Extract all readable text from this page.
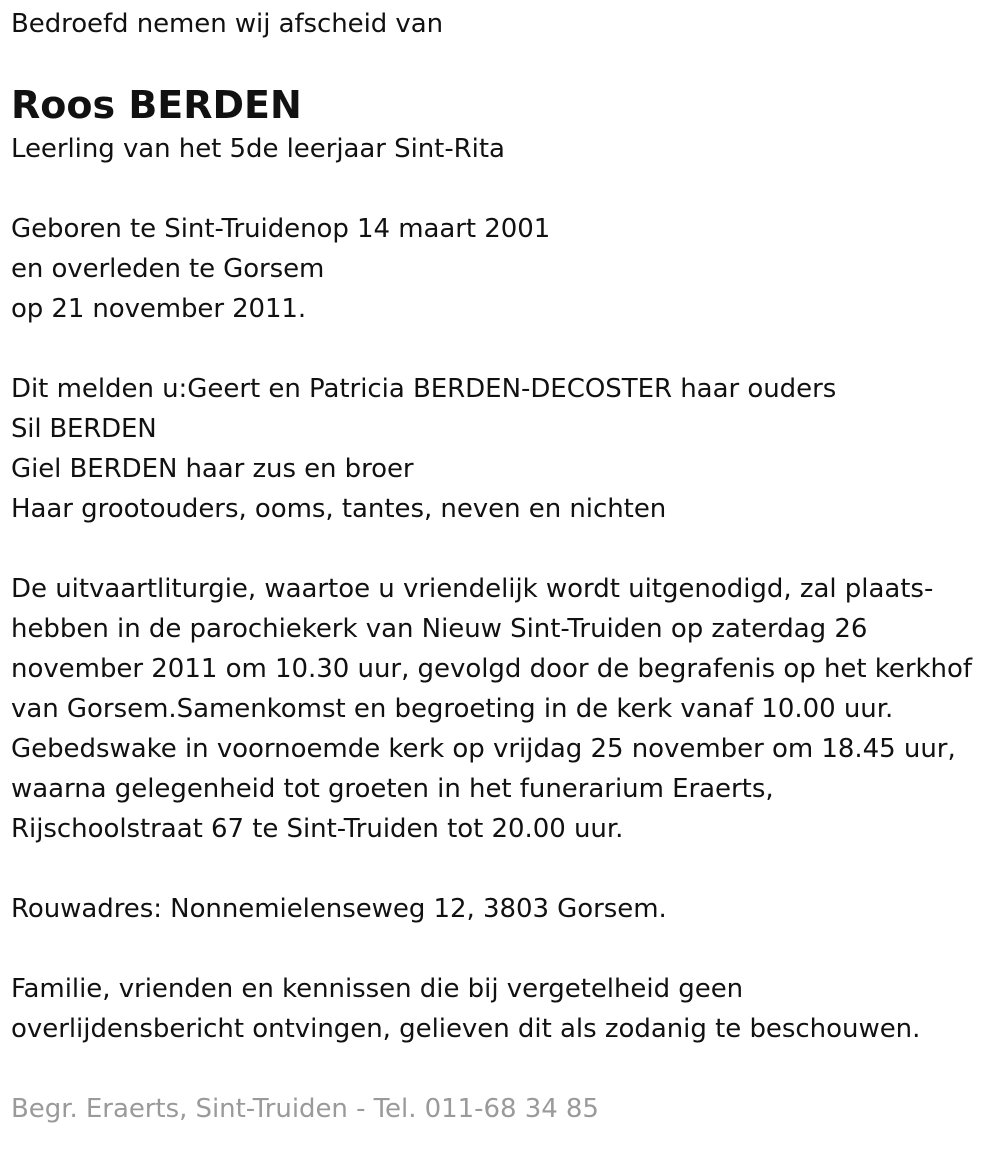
Bedroefd nemen wij afscheid van
Roos BERDEN
Leerling van het 5de leerjaar Sint-Rita
Geboren te Sint-Truidenop 14 maart 2001
en overleden te Gorsem
op 21 november 2011.
Dit melden u:Geert en Patricia BERDEN-DECOSTER haar ouders
Sil BERDEN
Giel BERDEN haar zus en broer
Haar grootouders, ooms, tantes, neven en nichten
De uitvaartliturgie, waartoe u vriendelijk wordt uitgenodigd, zal plaats-
hebben in de parochiekerk van Nieuw Sint-Truiden op zaterdag 26
november 2011 om 10.30 uur, gevolgd door de begrafenis op het kerkhof
van Gorsem.Samenkomst en begroeting in de kerk vanaf 10.00 uur.
Gebedswake in voornoemde kerk op vrijdag 25 november om 18.45 uur,
waarna gelegenheid tot groeten in het funerarium Eraerts,
Rijschoolstraat 67 te Sint-Truiden tot 20.00 uur.
Rouwadres: Nonnemielenseweg 12, 3803 Gorsem.
Familie, vrienden en kennissen die bij vergetelheid geen
overlijdensbericht ontvingen, gelieven dit als zodanig te beschouwen.
Begr. Eraerts, Sint-Truiden - Tel. 011-68 34 85
